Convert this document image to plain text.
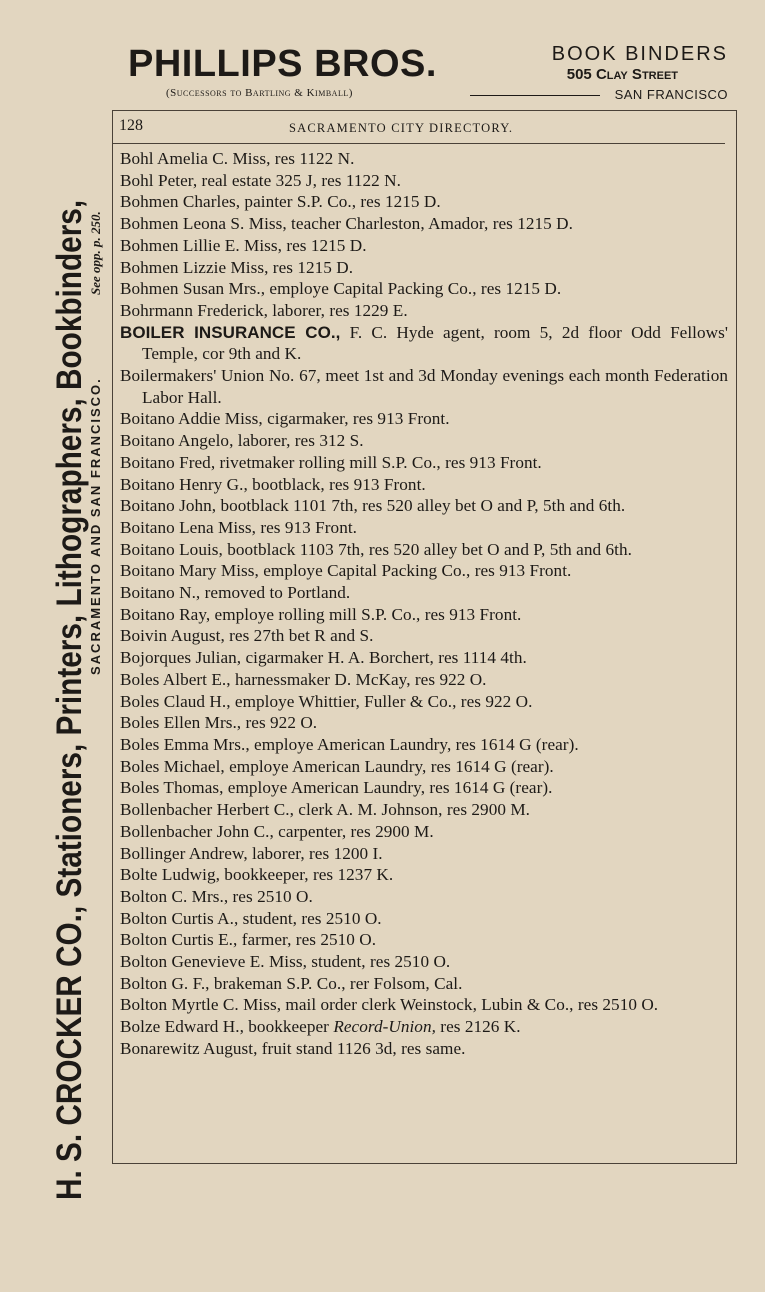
PHILLIPS BROS.	BOOK BINDERS
505 Clay Street
(Successors to Bartling & Kimball)	SAN FRANCISCO
H. S. CROCKER CO., Stationers, Printers, Lithographers, Bookbinders, SACRAMENTO AND SAN FRANCISCO.
See opp. p. 250.
128	SACRAMENTO CITY DIRECTORY.
Bohl Amelia C. Miss, res 1122 N.
Bohl Peter, real estate 325 J, res 1122 N.
Bohmen Charles, painter S.P. Co., res 1215 D.
Bohmen Leona S. Miss, teacher Charleston, Amador, res 1215 D.
Bohmen Lillie E. Miss, res 1215 D.
Bohmen Lizzie Miss, res 1215 D.
Bohmen Susan Mrs., employe Capital Packing Co., res 1215 D.
Bohrmann Frederick, laborer, res 1229 E.
BOILER INSURANCE CO., F. C. Hyde agent, room 5, 2d floor Odd Fellows' Temple, cor 9th and K.
Boilermakers' Union No. 67, meet 1st and 3d Monday evenings each month Federation Labor Hall.
Boitano Addie Miss, cigarmaker, res 913 Front.
Boitano Angelo, laborer, res 312 S.
Boitano Fred, rivetmaker rolling mill S.P. Co., res 913 Front.
Boitano Henry G., bootblack, res 913 Front.
Boitano John, bootblack 1101 7th, res 520 alley bet O and P, 5th and 6th.
Boitano Lena Miss, res 913 Front.
Boitano Louis, bootblack 1103 7th, res 520 alley bet O and P, 5th and 6th.
Boitano Mary Miss, employe Capital Packing Co., res 913 Front.
Boitano N., removed to Portland.
Boitano Ray, employe rolling mill S.P. Co., res 913 Front.
Boivin August, res 27th bet R and S.
Bojorques Julian, cigarmaker H. A. Borchert, res 1114 4th.
Boles Albert E., harnessmaker D. McKay, res 922 O.
Boles Claud H., employe Whittier, Fuller & Co., res 922 O.
Boles Ellen Mrs., res 922 O.
Boles Emma Mrs., employe American Laundry, res 1614 G (rear).
Boles Michael, employe American Laundry, res 1614 G (rear).
Boles Thomas, employe American Laundry, res 1614 G (rear).
Bollenbacher Herbert C., clerk A. M. Johnson, res 2900 M.
Bollenbacher John C., carpenter, res 2900 M.
Bollinger Andrew, laborer, res 1200 I.
Bolte Ludwig, bookkeeper, res 1237 K.
Bolton C. Mrs., res 2510 O.
Bolton Curtis A., student, res 2510 O.
Bolton Curtis E., farmer, res 2510 O.
Bolton Genevieve E. Miss, student, res 2510 O.
Bolton G. F., brakeman S.P. Co., rer Folsom, Cal.
Bolton Myrtle C. Miss, mail order clerk Weinstock, Lubin & Co., res 2510 O.
Bolze Edward H., bookkeeper Record-Union, res 2126 K.
Bonarewitz August, fruit stand 1126 3d, res same.
